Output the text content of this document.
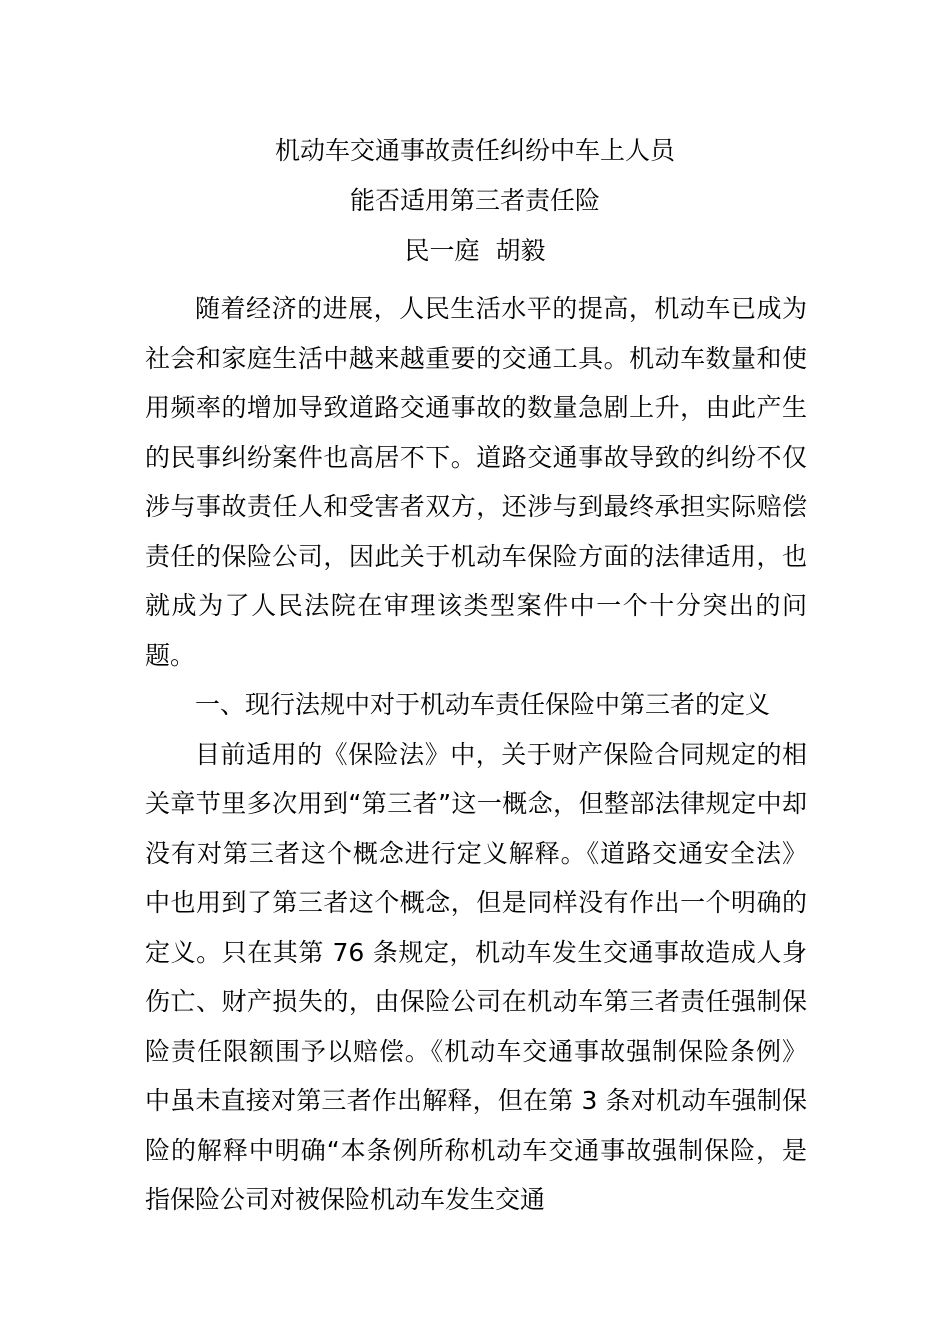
机动车交通事故责任纠纷中车上人员
能否适用第三者责任险
民一庭  胡毅

随着经济的进展，人民生活水平的提高，机动车已成为社会和家庭生活中越来越重要的交通工具。机动车数量和使用频率的增加导致道路交通事故的数量急剧上升，由此产生的民事纠纷案件也高居不下。道路交通事故导致的纠纷不仅涉与事故责任人和受害者双方，还涉与到最终承担实际赔偿责任的保险公司，因此关于机动车保险方面的法律适用，也就成为了人民法院在审理该类型案件中一个十分突出的问题。

一、现行法规中对于机动车责任保险中第三者的定义

目前适用的《保险法》中，关于财产保险合同规定的相关章节里多次用到“第三者”这一概念，但整部法律规定中却没有对第三者这个概念进行定义解释。《道路交通安全法》中也用到了第三者这个概念，但是同样没有作出一个明确的定义。只在其第 76 条规定，机动车发生交通事故造成人身伤亡、财产损失的，由保险公司在机动车第三者责任强制保险责任限额围予以赔偿。《机动车交通事故强制保险条例》中虽未直接对第三者作出解释，但在第 3 条对机动车强制保险的解释中明确“本条例所称机动车交通事故强制保险，是指保险公司对被保险机动车发生交通
